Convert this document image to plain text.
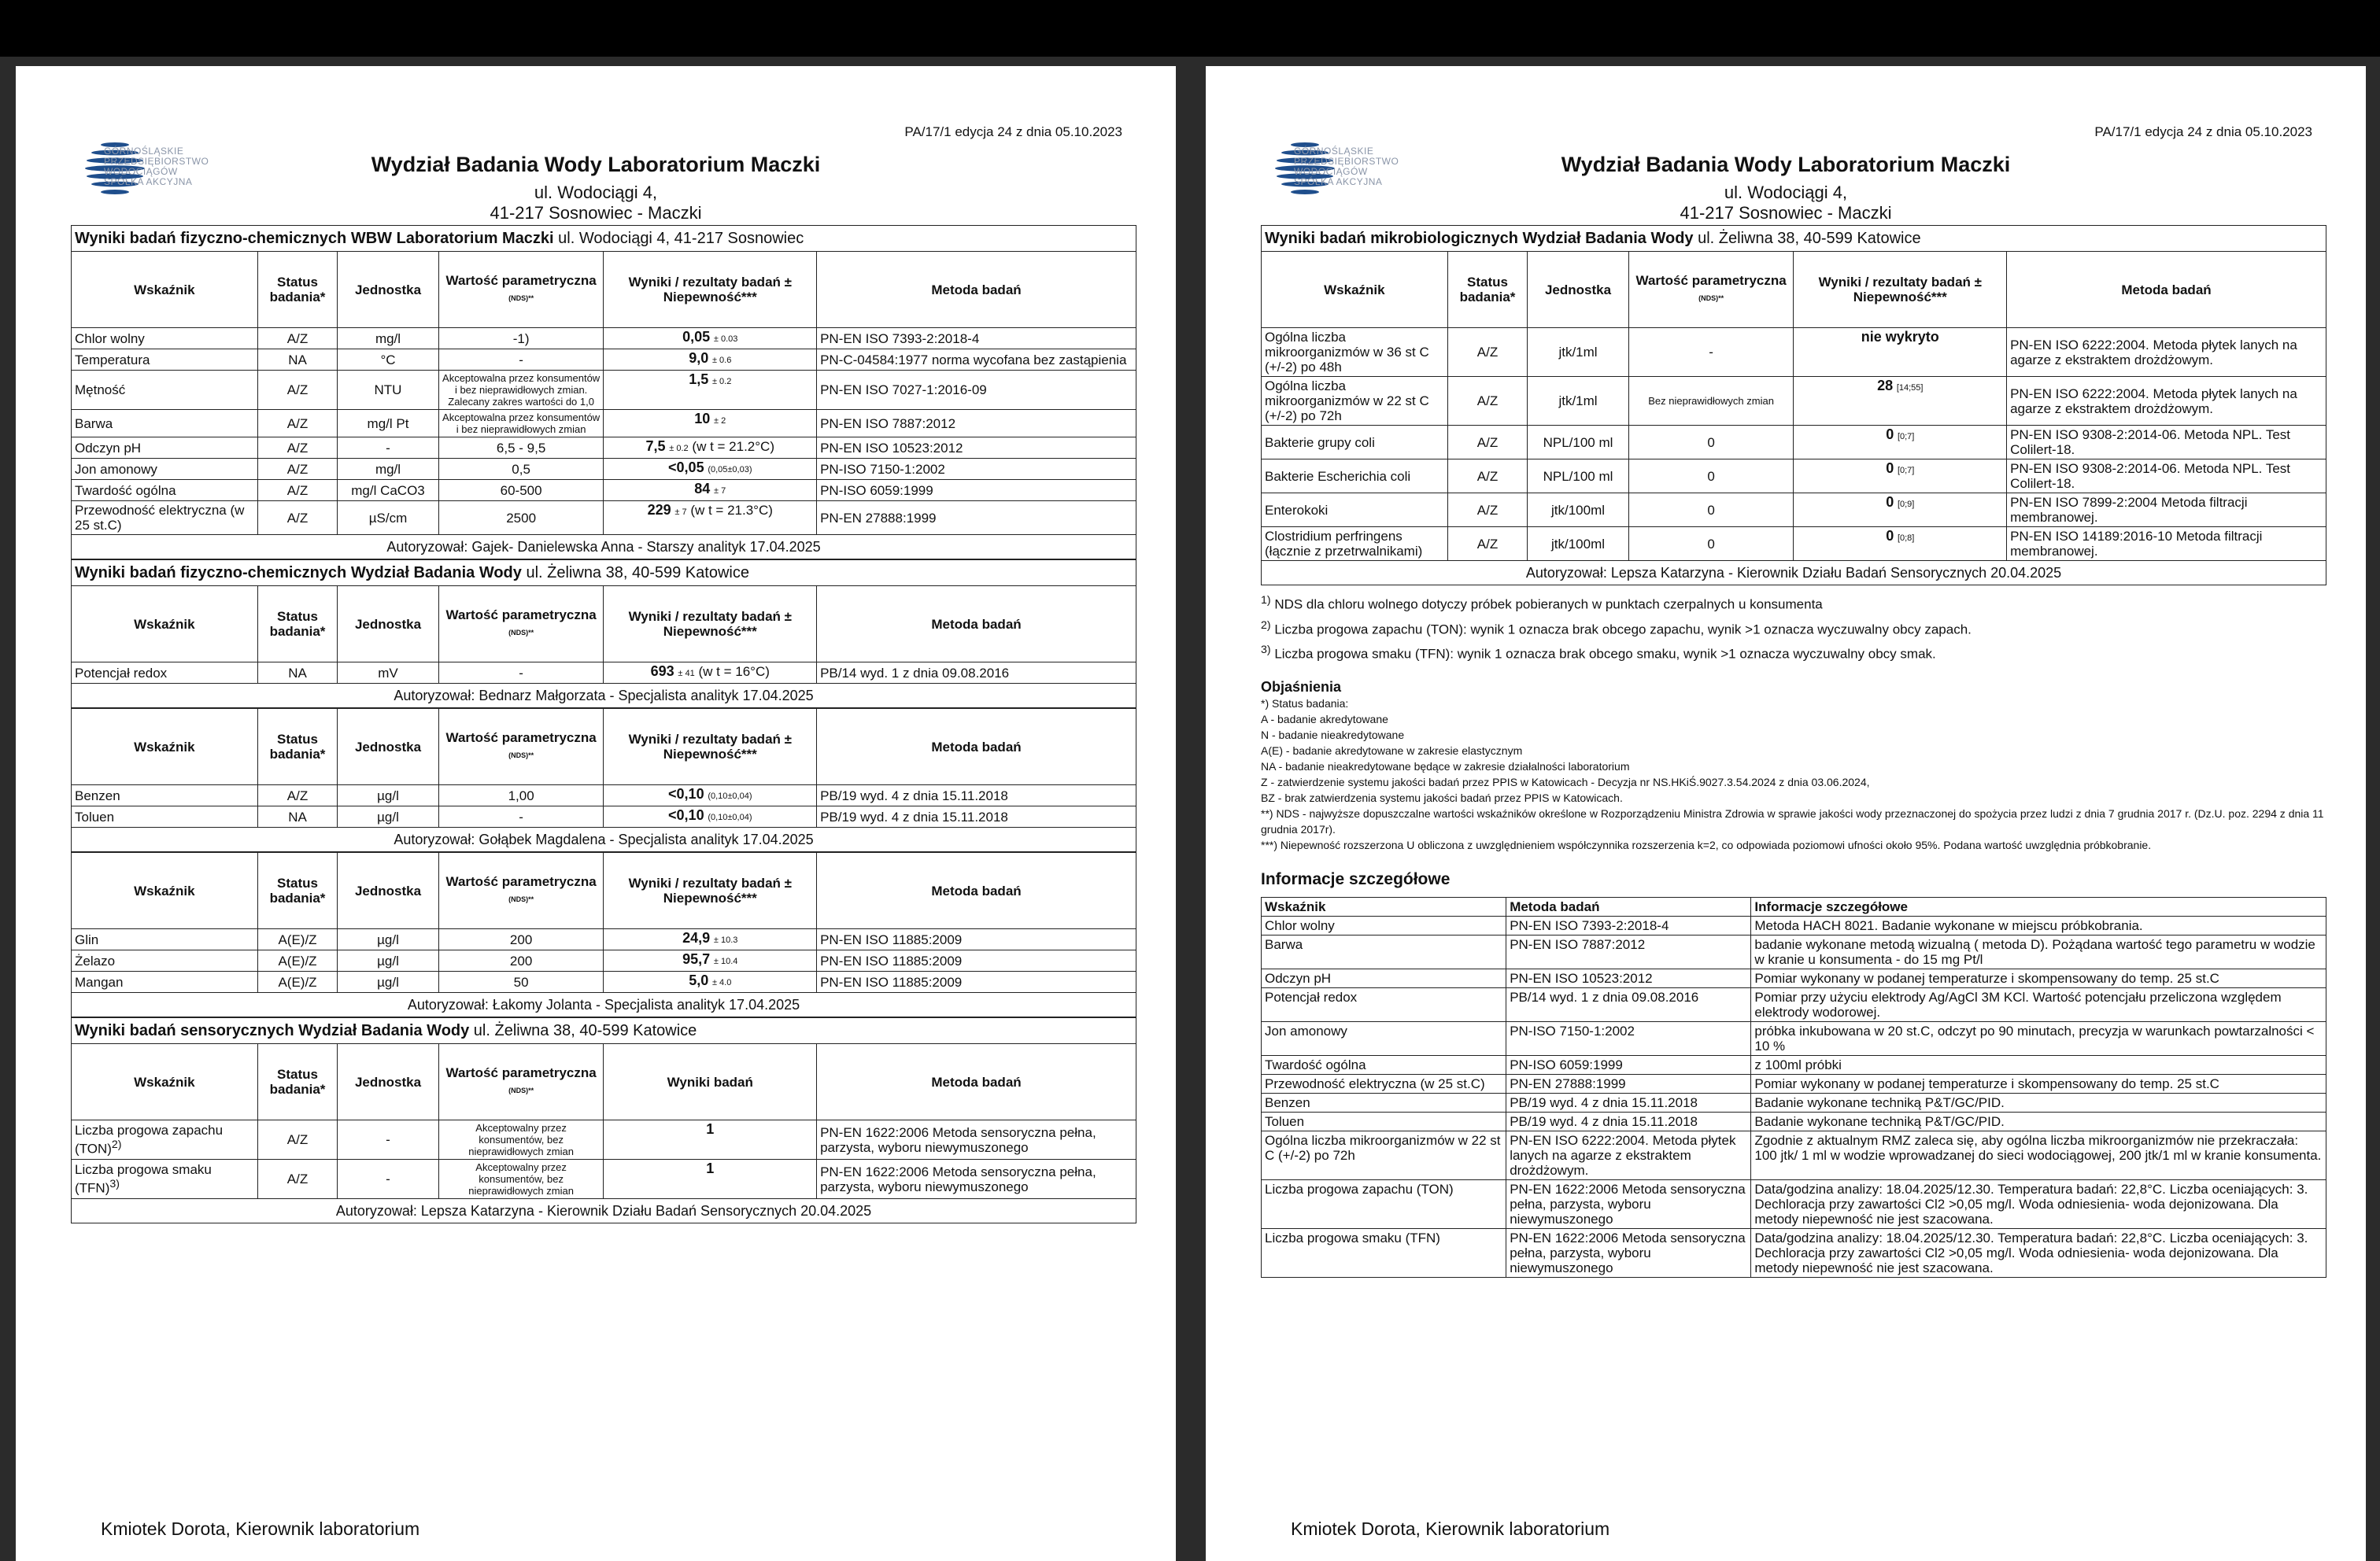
PA/17/1 edycja 24 z dnia 05.10.2023
GÓRNOŚLĄSKIE
PRZEDSIĘBIORSTWO
WODOCIĄGÓW
SPÓŁKA AKCYJNA
Wydział Badania Wody Laboratorium Maczki
ul. Wodociągi 4,
41-217 Sosnowiec - Maczki
Wyniki badań fizyczno-chemicznych WBW Laboratorium Maczki ul. Wodociągi 4, 41-217 Sosnowiec
Wskaźnik	Status badania*	Jednostka	Wartość parametryczna
(NDS)**	Wyniki / rezultaty badań ± Niepewność***	Metoda badań
Chlor wolny	A/Z	mg/l	-1)	0,05 ± 0.03	PN-EN ISO 7393-2:2018-4
Temperatura	NA	°C	-	9,0 ± 0.6	PN-C-04584:1977 norma wycofana bez zastąpienia
Mętność	A/Z	NTU	Akceptowalna przez konsumentów i bez nieprawidłowych zmian. Zalecany zakres wartości do 1,0	1,5 ± 0.2	PN-EN ISO 7027-1:2016-09
Barwa	A/Z	mg/l Pt	Akceptowalna przez konsumentów i bez nieprawidłowych zmian	10 ± 2	PN-EN ISO 7887:2012
Odczyn pH	A/Z	-	6,5 - 9,5	7,5 ± 0.2 (w t = 21.2°C)	PN-EN ISO 10523:2012
Jon amonowy	A/Z	mg/l	0,5	<0,05 (0,05±0,03)	PN-ISO 7150-1:2002
Twardość ogólna	A/Z	mg/l CaCO3	60-500	84 ± 7	PN-ISO 6059:1999
Przewodność elektryczna (w 25 st.C)	A/Z	µS/cm	2500	229 ± 7 (w t = 21.3°C)	PN-EN 27888:1999
Autoryzował: Gajek- Danielewska Anna - Starszy analityk 17.04.2025
Wyniki badań fizyczno-chemicznych Wydział Badania Wody ul. Żeliwna 38, 40-599 Katowice
Wskaźnik	Status badania*	Jednostka	Wartość parametryczna
(NDS)**	Wyniki / rezultaty badań ± Niepewność***	Metoda badań
Potencjał redox	NA	mV	-	693 ± 41 (w t = 16°C)	PB/14 wyd. 1 z dnia 09.08.2016
Autoryzował: Bednarz Małgorzata - Specjalista analityk 17.04.2025
Wskaźnik	Status badania*	Jednostka	Wartość parametryczna
(NDS)**	Wyniki / rezultaty badań ± Niepewność***	Metoda badań
Benzen	A/Z	µg/l	1,00	<0,10 (0,10±0,04)	PB/19 wyd. 4 z dnia 15.11.2018
Toluen	NA	µg/l	-	<0,10 (0,10±0,04)	PB/19 wyd. 4 z dnia 15.11.2018
Autoryzował: Gołąbek Magdalena - Specjalista analityk 17.04.2025
Wskaźnik	Status badania*	Jednostka	Wartość parametryczna
(NDS)**	Wyniki / rezultaty badań ± Niepewność***	Metoda badań
Glin	A(E)/Z	µg/l	200	24,9 ± 10.3	PN-EN ISO 11885:2009
Żelazo	A(E)/Z	µg/l	200	95,7 ± 10.4	PN-EN ISO 11885:2009
Mangan	A(E)/Z	µg/l	50	5,0 ± 4.0	PN-EN ISO 11885:2009
Autoryzował: Łakomy Jolanta - Specjalista analityk 17.04.2025
Wyniki badań sensorycznych Wydział Badania Wody ul. Żeliwna 38, 40-599 Katowice
Wskaźnik	Status badania*	Jednostka	Wartość parametryczna
(NDS)**	Wyniki badań	Metoda badań
Liczba progowa zapachu (TON)$^{2)}$	A/Z	-	Akceptowalny przez konsumentów, bez nieprawidłowych zmian	1	PN-EN 1622:2006 Metoda sensoryczna pełna, parzysta, wyboru niewymuszonego
Liczba progowa smaku (TFN)$^{3)}$	A/Z	-	Akceptowalny przez konsumentów, bez nieprawidłowych zmian	1	PN-EN 1622:2006 Metoda sensoryczna pełna, parzysta, wyboru niewymuszonego
Autoryzował: Lepsza Katarzyna - Kierownik Działu Badań Sensorycznych 20.04.2025
Kmiotek Dorota, Kierownik laboratorium
PA/17/1 edycja 24 z dnia 05.10.2023
GÓRNOŚLĄSKIE
PRZEDSIĘBIORSTWO
WODOCIĄGÓW
SPÓŁKA AKCYJNA
Wydział Badania Wody Laboratorium Maczki
ul. Wodociągi 4,
41-217 Sosnowiec - Maczki
Wyniki badań mikrobiologicznych Wydział Badania Wody ul. Żeliwna 38, 40-599 Katowice
Wskaźnik	Status badania*	Jednostka	Wartość parametryczna
(NDS)**	Wyniki / rezultaty badań ± Niepewność***	Metoda badań
Ogólna liczba mikroorganizmów w 36 st C (+/-2) po 48h	A/Z	jtk/1ml	-	nie wykryto	PN-EN ISO 6222:2004. Metoda płytek lanych na agarze z ekstraktem drożdżowym.
Ogólna liczba mikroorganizmów w 22 st C (+/-2) po 72h	A/Z	jtk/1ml	Bez nieprawidłowych zmian	28 [14;55]	PN-EN ISO 6222:2004. Metoda płytek lanych na agarze z ekstraktem drożdżowym.
Bakterie grupy coli	A/Z	NPL/100 ml	0	0 [0;7]	PN-EN ISO 9308-2:2014-06. Metoda NPL. Test Colilert-18.
Bakterie Escherichia coli	A/Z	NPL/100 ml	0	0 [0;7]	PN-EN ISO 9308-2:2014-06. Metoda NPL. Test Colilert-18.
Enterokoki	A/Z	jtk/100ml	0	0 [0;9]	PN-EN ISO 7899-2:2004 Metoda filtracji membranowej.
Clostridium perfringens (łącznie z przetrwalnikami)	A/Z	jtk/100ml	0	0 [0;8]	PN-EN ISO 14189:2016-10 Metoda filtracji membranowej.
Autoryzował: Lepsza Katarzyna - Kierownik Działu Badań Sensorycznych 20.04.2025
$^{1)}$ NDS dla chloru wolnego dotyczy próbek pobieranych w punktach czerpalnych u konsumenta
$^{2)}$ Liczba progowa zapachu (TON): wynik 1 oznacza brak obcego zapachu, wynik >1 oznacza wyczuwalny obcy zapach.
$^{3)}$ Liczba progowa smaku (TFN): wynik 1 oznacza brak obcego smaku, wynik >1 oznacza wyczuwalny obcy smak.
Objaśnienia
*) Status badania:
A - badanie akredytowane
N - badanie nieakredytowane
A(E) - badanie akredytowane w zakresie elastycznym
NA - badanie nieakredytowane będące w zakresie działalności laboratorium
Z - zatwierdzenie systemu jakości badań przez PPIS w Katowicach - Decyzja nr NS.HKiŚ.9027.3.54.2024 z dnia 03.06.2024,
BZ - brak zatwierdzenia systemu jakości badań przez PPIS w Katowicach.
**) NDS - najwyższe dopuszczalne wartości wskaźników określone w Rozporządzeniu Ministra Zdrowia w sprawie jakości wody przeznaczonej do spożycia przez ludzi z dnia 7 grudnia 2017 r. (Dz.U. poz. 2294 z dnia 11 grudnia 2017r).
***) Niepewność rozszerzona U obliczona z uwzględnieniem współczynnika rozszerzenia k=2, co odpowiada poziomowi ufności około 95%. Podana wartość uwzględnia próbkobranie.
Informacje szczegółowe
Wskaźnik	Metoda badań	Informacje szczegółowe
Chlor wolny	PN-EN ISO 7393-2:2018-4	Metoda HACH 8021. Badanie wykonane w miejscu próbkobrania.
Barwa	PN-EN ISO 7887:2012	badanie wykonane metodą wizualną ( metoda D). Pożądana wartość tego parametru w wodzie w kranie u konsumenta - do 15 mg Pt/l
Odczyn pH	PN-EN ISO 10523:2012	Pomiar wykonany w podanej temperaturze i skompensowany do temp. 25 st.C
Potencjał redox	PB/14 wyd. 1 z dnia 09.08.2016	Pomiar przy użyciu elektrody Ag/AgCl 3M KCl. Wartość potencjału przeliczona względem elektrody wodorowej.
Jon amonowy	PN-ISO 7150-1:2002	próbka inkubowana w 20 st.C, odczyt po 90 minutach, precyzja w warunkach powtarzalności < 10 %
Twardość ogólna	PN-ISO 6059:1999	z 100ml próbki
Przewodność elektryczna (w 25 st.C)	PN-EN 27888:1999	Pomiar wykonany w podanej temperaturze i skompensowany do temp. 25 st.C
Benzen	PB/19 wyd. 4 z dnia 15.11.2018	Badanie wykonane techniką P&T/GC/PID.
Toluen	PB/19 wyd. 4 z dnia 15.11.2018	Badanie wykonane techniką P&T/GC/PID.
Ogólna liczba mikroorganizmów w 22 st C (+/-2) po 72h	PN-EN ISO 6222:2004. Metoda płytek lanych na agarze z ekstraktem drożdżowym.	Zgodnie z aktualnym RMZ zaleca się, aby ogólna liczba mikroorganizmów nie przekraczała: 100 jtk/ 1 ml w wodzie wprowadzanej do sieci wodociągowej, 200 jtk/1 ml w kranie konsumenta.
Liczba progowa zapachu (TON)	PN-EN 1622:2006 Metoda sensoryczna pełna, parzysta, wyboru niewymuszonego	Data/godzina analizy: 18.04.2025/12.30. Temperatura badań: 22,8°C. Liczba oceniających: 3. Dechloracja przy zawartości Cl2 >0,05 mg/l. Woda odniesienia- woda dejonizowana. Dla metody niepewność nie jest szacowana.
Liczba progowa smaku (TFN)	PN-EN 1622:2006 Metoda sensoryczna pełna, parzysta, wyboru niewymuszonego	Data/godzina analizy: 18.04.2025/12.30. Temperatura badań: 22,8°C. Liczba oceniających: 3. Dechloracja przy zawartości Cl2 >0,05 mg/l. Woda odniesienia- woda dejonizowana. Dla metody niepewność nie jest szacowana.
Kmiotek Dorota, Kierownik laboratorium
